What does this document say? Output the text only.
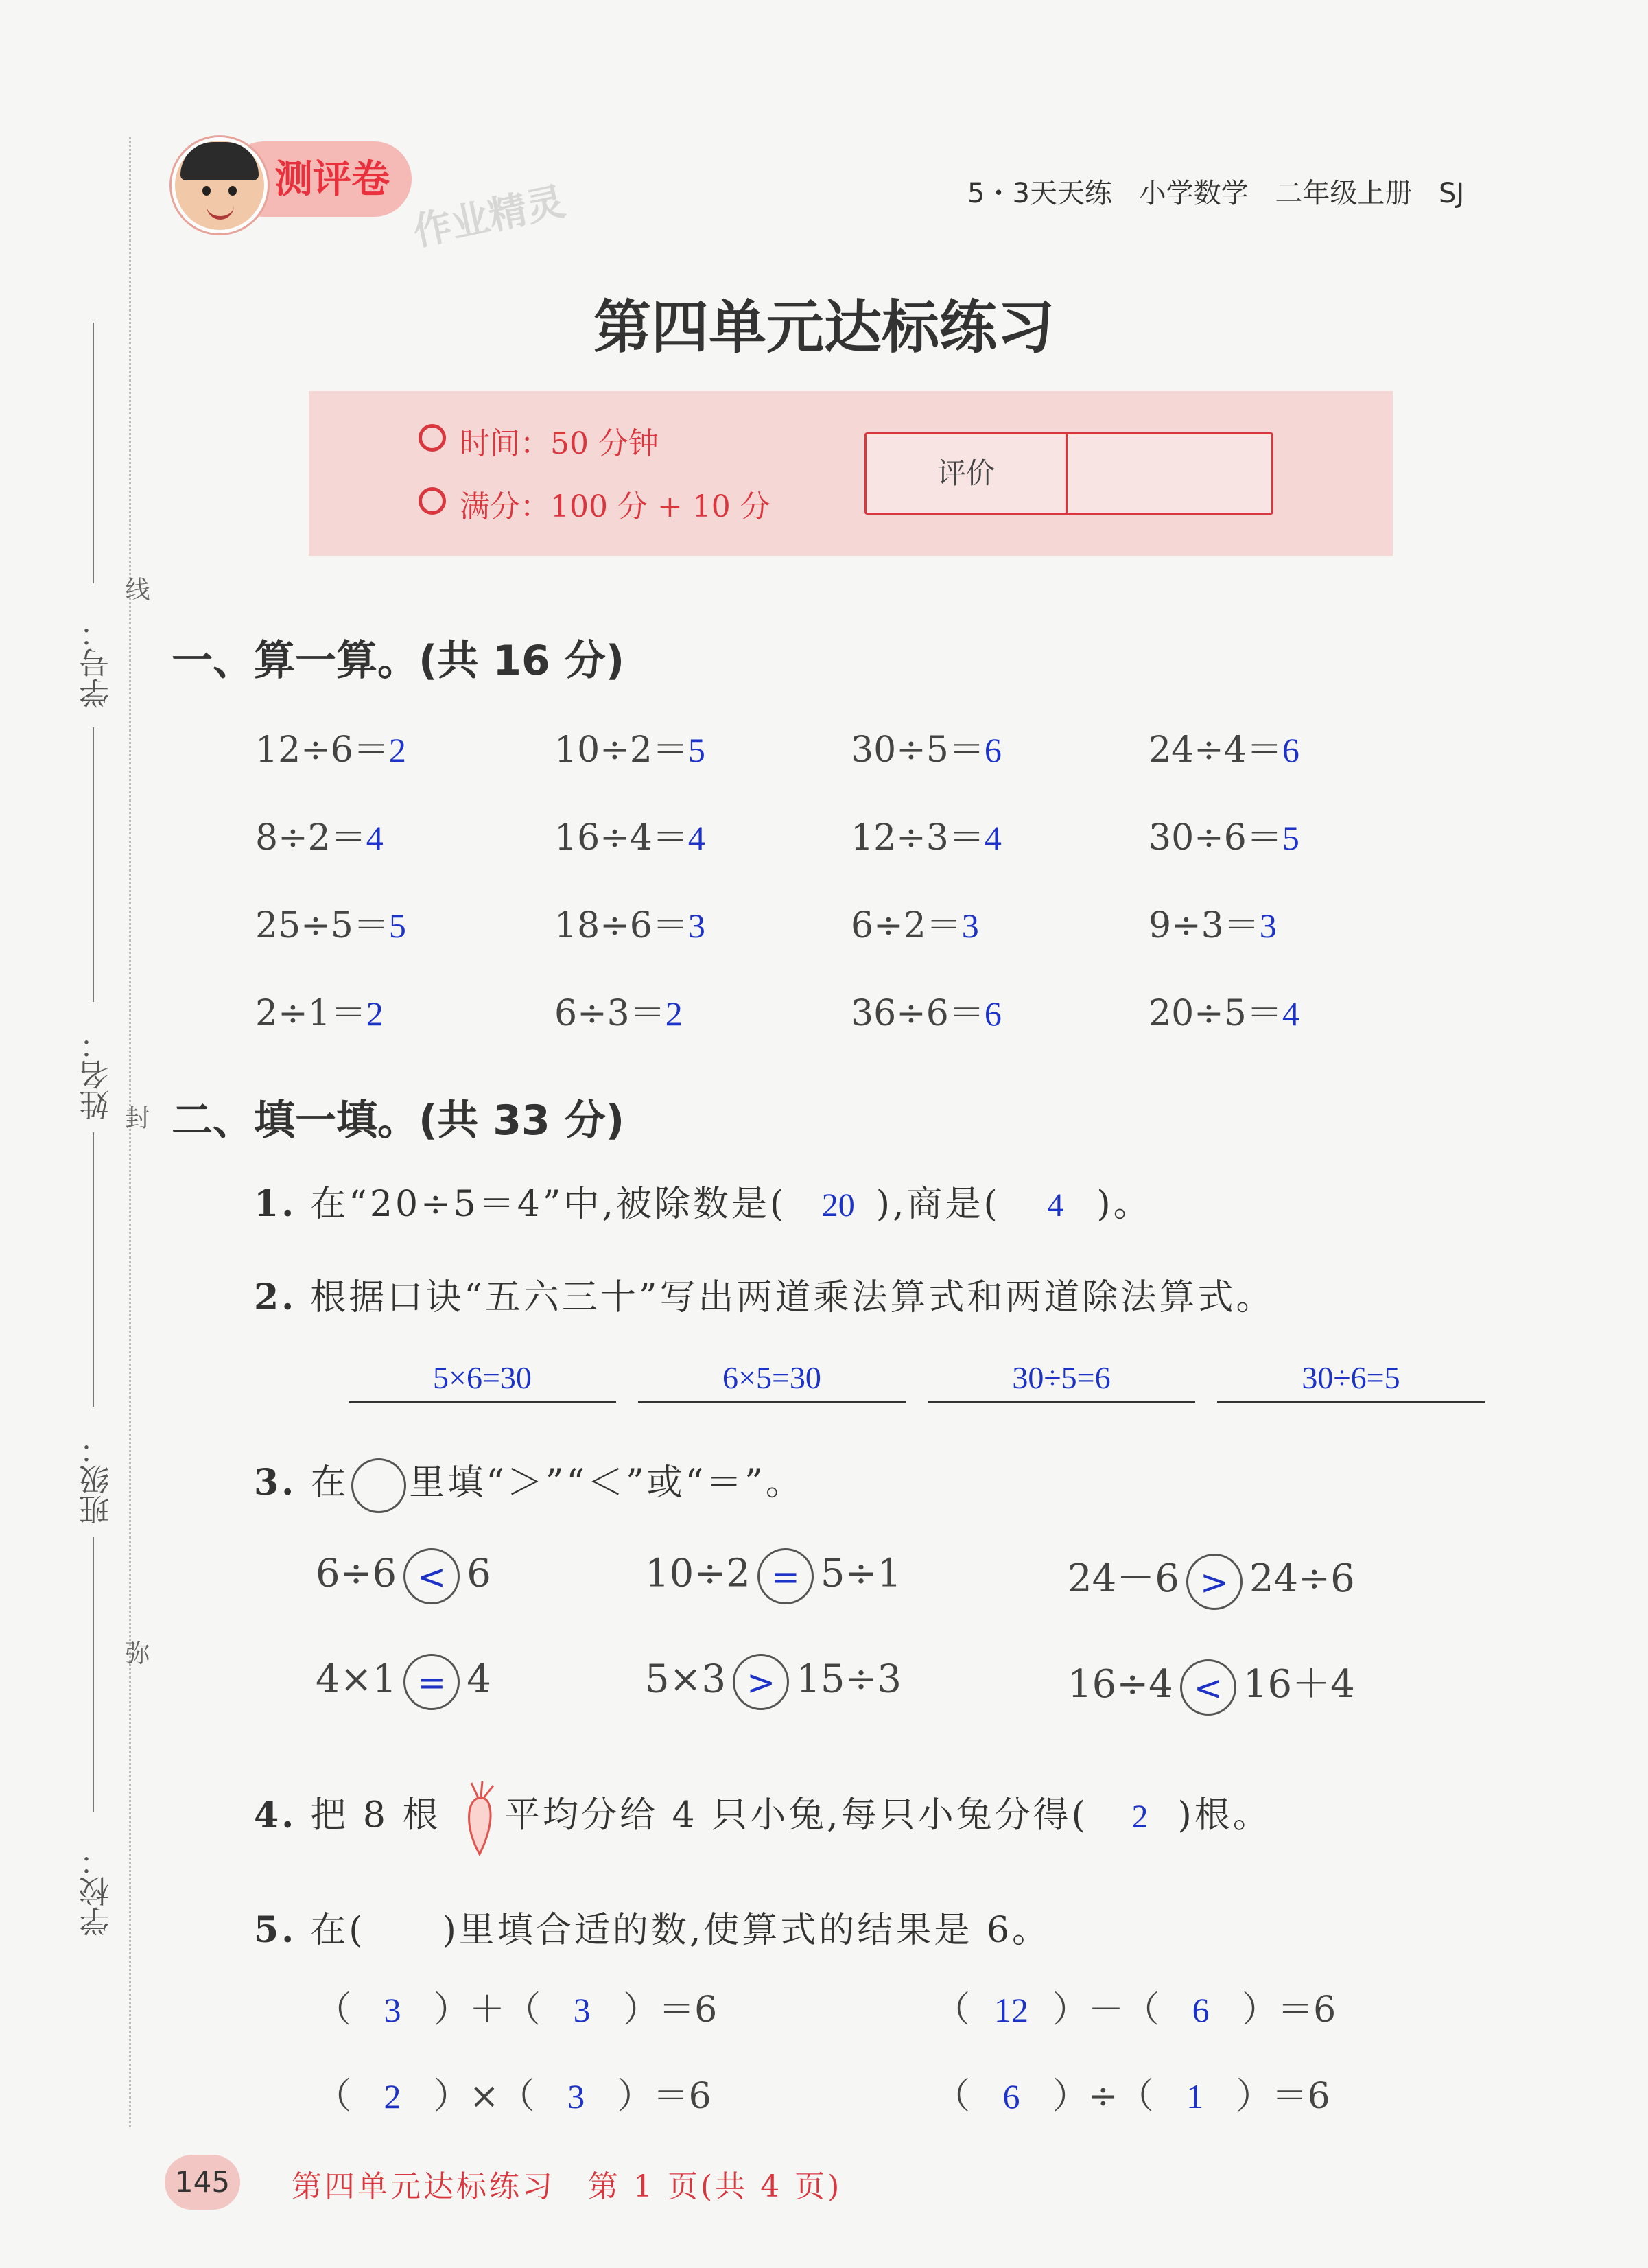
学号：
姓名：
班级：
学校：
线
封
弥
测评卷
作业精灵	5・3天天练 小学数学 二年级上册 SJ
第四单元达标练习
时间：50 分钟
满分：100 分 + 10 分
评价
一、算一算。(共 16 分)
12÷6＝2	10÷2＝5	30÷5＝6	24÷4＝6
8÷2＝4	16÷4＝4	12÷3＝4	30÷6＝5
25÷5＝5	18÷6＝3	6÷2＝3	9÷3＝3
2÷1＝2	6÷3＝2	36÷6＝6	20÷5＝4
二、填一填。(共 33 分)
1. 在“20÷5＝4”中,被除数是( 20 ),商是( 4 )。
2. 根据口诀“五六三十”写出两道乘法算式和两道除法算式。
5×6=30	6×5=30	30÷5=6	30÷6=5
3. 在 里填“＞”“＜”或“＝”。
6÷6 < 6	10÷2 = 5÷1	24－6 > 24÷6
4×1 = 4	5×3 > 15÷3	16÷4 < 16＋4
4. 把 8 根 平均分给 4 只小兔,每只小兔分得( 2 )根。
5. 在(　　)里填合适的数,使算式的结果是 6。
（ 3 ）＋（ 3 ）＝6	（ 12 ）－（ 6 ）＝6
（ 2 ）×（ 3 ）＝6	（ 6 ）÷（ 1 ）＝6
145	第四单元达标练习　第 1 页(共 4 页)
